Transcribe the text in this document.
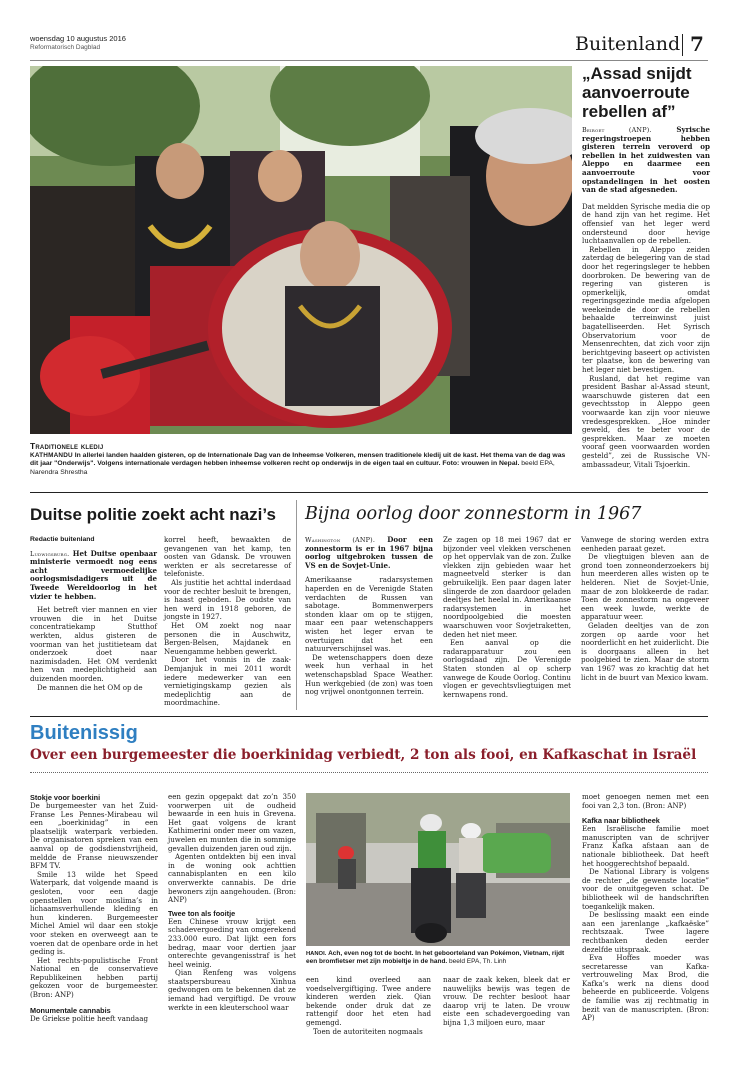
woensdag 10 augustus 2016
Reformatorisch Dagblad	Buitenland 7
Traditionele kledij
KATHMANDU In allerlei landen haalden gisteren, op de Internationale Dag van de Inheemse Volkeren, mensen traditionele kledij uit de kast. Het thema van de dag was dit jaar "Onderwijs". Volgens internationale verdagen hebben inheemse volkeren recht op onderwijs in de eigen taal en cultuur. Foto: vrouwen in Nepal. beeld EPA, Narendra Shrestha
„Assad snijdt aanvoerroute rebellen af”

Beiroet (ANP).	Syrische regeringstroepen hebben gisteren terrein veroverd op rebellen in het zuidwesten van Aleppo en daarmee een aanvoerroute voor opstandelingen in het oosten van de stad afgesneden.

Dat meldden Syrische media die op de hand zijn van het regime. Het offensief van het leger werd ondersteund door hevige luchtaanvallen op de rebellen.

Rebellen in Aleppo zeiden zaterdag de belegering van de stad door het regeringsleger te hebben doorbroken. De bewering van de regering van gisteren is opmerkelijk, omdat regeringsgezinde media afgelopen weekeinde de door de rebellen behaalde terreinwinst juist bagatelliseerden. Het Syrisch Observatorium voor de Mensenrechten, dat zich voor zijn berichtgeving baseert op activisten ter plaatse, kon de bewering van het leger niet bevestigen.

Rusland, dat het regime van president Bashar al-Assad steunt, waarschuwde gisteren dat een gevechtsstop in Aleppo geen voorwaarde kan zijn voor nieuwe vredesgesprekken. „Hoe minder geweld, des te beter voor de gesprekken. Maar ze moeten vooraf geen voorwaarden worden gesteld”, zei de Russische VN-ambassadeur, Vitali Tsjoerkin.

Duitse politie zoekt acht nazi’s

Redactie buitenland

Ludwigsburg. Het Duitse openbaar ministerie vermoedt nog eens acht vermoedelijke oorlogsmisdadigers uit de Tweede Wereldoorlog in het vizier te hebben.

Het betreft vier mannen en vier vrouwen die in het Duitse concentratiekamp Stutthof werkten, aldus gisteren de voorman van het justitieteam dat onderzoek doet naar nazimisdaden. Het OM verdenkt hen van medeplichtigheid aan duizenden moorden.

De mannen die het OM op de

korrel heeft, bewaakten de gevangenen van het kamp, ten oosten van Gdansk. De vrouwen werkten er als secretaresse of telefoniste.

Als justitie het achttal inderdaad voor de rechter besluit te brengen, is haast geboden. De oudste van hen werd in 1918 geboren, de jongste in 1927.

Het OM zoekt nog naar personen die in Auschwitz, Bergen-Belsen, Majdanek en Neuengamme hebben gewerkt.

Door het vonnis in de zaak-Demjanjuk in mei 2011 wordt iedere medewerker van een vernietigingskamp gezien als medeplichtig aan de moordmachine.

Bijna oorlog door zonnestorm in 1967

Washington (ANP). Door een zonnestorm is er in 1967 bijna oorlog uitgebroken tussen de VS en de Sovjet-Unie.

Amerikaanse radarsystemen haperden en de Verenigde Staten verdachten de Russen van sabotage. Bommenwerpers stonden klaar om op te stijgen, maar een paar wetenschappers wisten het leger ervan te overtuigen dat het een natuurverschijnsel was.

De wetenschappers doen deze week hun verhaal in het wetenschapsblad Space Weather. Hun werkgebied (de zon) was toen nog vrijwel onontgonnen terrein.

Ze zagen op 18 mei 1967 dat er bijzonder veel vlekken verschenen op het oppervlak van de zon. Zulke vlekken zijn gebieden waar het magneetveld sterker is dan gebruikelijk. Een paar dagen later slingerde de zon daardoor geladen deeltjes het heelal in. Amerikaanse radarsystemen in het noordpoolgebied die moesten waarschuwen voor Sovjetraketten, deden het niet meer.

Een aanval op die radarapparatuur zou een oorlogsdaad zijn. De Verenigde Staten stonden al op scherp vanwege de Koude Oorlog. Continu vlogen er gevechtsvliegtuigen met kernwapens rond.

Vanwege de storing werden extra eenheden paraat gezet.

De vliegtuigen bleven aan de grond toen zonneonderzoekers bij hun meerderen alles wisten op te helderen. Niet de Sovjet-Unie, maar de zon blokkeerde de radar. Toen de zonnestorm na ongeveer een week luwde, werkte de apparatuur weer.

Geladen deeltjes van de zon zorgen op aarde voor het noorderlicht en het zuiderlicht. Die is doorgaans alleen in het poolgebied te zien. Maar de storm van 1967 was zo krachtig dat het licht in de buurt van Mexico kwam.

Buitenissig
Over een burgemeester die boerkinidag verbiedt, 2 ton als fooi, en Kafkaschat in Israël
Stokje voor boerkini

De burgemeester van het Zuid-Franse Les Pennes-Mirabeau wil een „boerkinidag” in een plaatselijk waterpark verbieden. De organisatoren spreken van een aanval op de godsdienstvrijheid, meldde de Franse nieuwszender BFM TV.

Smile 13 wilde het Speed Waterpark, dat volgende maand is gesloten, voor een dagje openstellen voor moslima’s in lichaamsverhullende kleding en hun kinderen. Burgemeester Michel Amiel wil daar een stokje voor steken en overweegt aan te voeren dat de openbare orde in het geding is.

Het rechts-populistische Front National en de conservatieve Republikeinen hebben partij gekozen voor de burgemeester. (Bron: ANP)

Monumentale cannabis

De Griekse politie heeft vandaag

een gezin opgepakt dat zo’n 350 voorwerpen uit de oudheid bewaarde in een huis in Grevena. Het gaat volgens de krant Kathimerini onder meer om vazen, juwelen en munten die in sommige gevallen duizenden jaren oud zijn.

Agenten ontdekten bij een inval in de woning ook achttien cannabisplanten en een kilo onverwerkte cannabis. De drie bewoners zijn aangehouden. (Bron: ANP)

Twee ton als fooitje

Een Chinese vrouw krijgt een schadevergoeding van omgerekend 233.000 euro. Dat lijkt een fors bedrag, maar voor dertien jaar onterechte gevangenisstraf is het heel weinig.

Qian Renfeng was volgens staatspersbureau Xinhua gedwongen om te bekennen dat ze iemand had vergiftigd. De vrouw werkte in een kleuterschool waar

HANOI. Ach, even nog tot de bocht. In het geboorteland van Pokémon, Vietnam, rijdt een bromfietser met zijn mobieltje in de hand. beeld EPA, Th. Linh

een kind overleed aan voedselvergiftiging. Twee andere kinderen werden ziek. Qian bekende onder druk dat ze rattengif door het eten had gemengd.

Toen de autoriteiten nogmaals

naar de zaak keken, bleek dat er nauwelijks bewijs was tegen de vrouw. De rechter besloot haar daarop vrij te laten. De vrouw eiste een schadevergoeding van bijna 1,3 miljoen euro, maar

moet genoegen nemen met een fooi van 2,3 ton. (Bron: ANP)

Kafka naar bibliotheek

Een Israëlische familie moet manuscripten van de schrijver Franz Kafka afstaan aan de nationale bibliotheek. Dat heeft het hooggerechtshof bepaald.

De National Library is volgens de rechter „de gewenste locatie” voor de onuitgegeven schat. De bibliotheek wil de handschriften toegankelijk maken.

De beslissing maakt een einde aan een jarenlange „kafkaëske” rechtszaak. Twee lagere rechtbanken deden eerder dezelfde uitspraak.

Eva Hoffes moeder was secretaresse van Kafka-vertrouweling Max Brod, die Kafka’s werk na diens dood beheerde en publiceerde. Volgens de familie was zij rechtmatig in bezit van de manuscripten. (Bron: AP)
